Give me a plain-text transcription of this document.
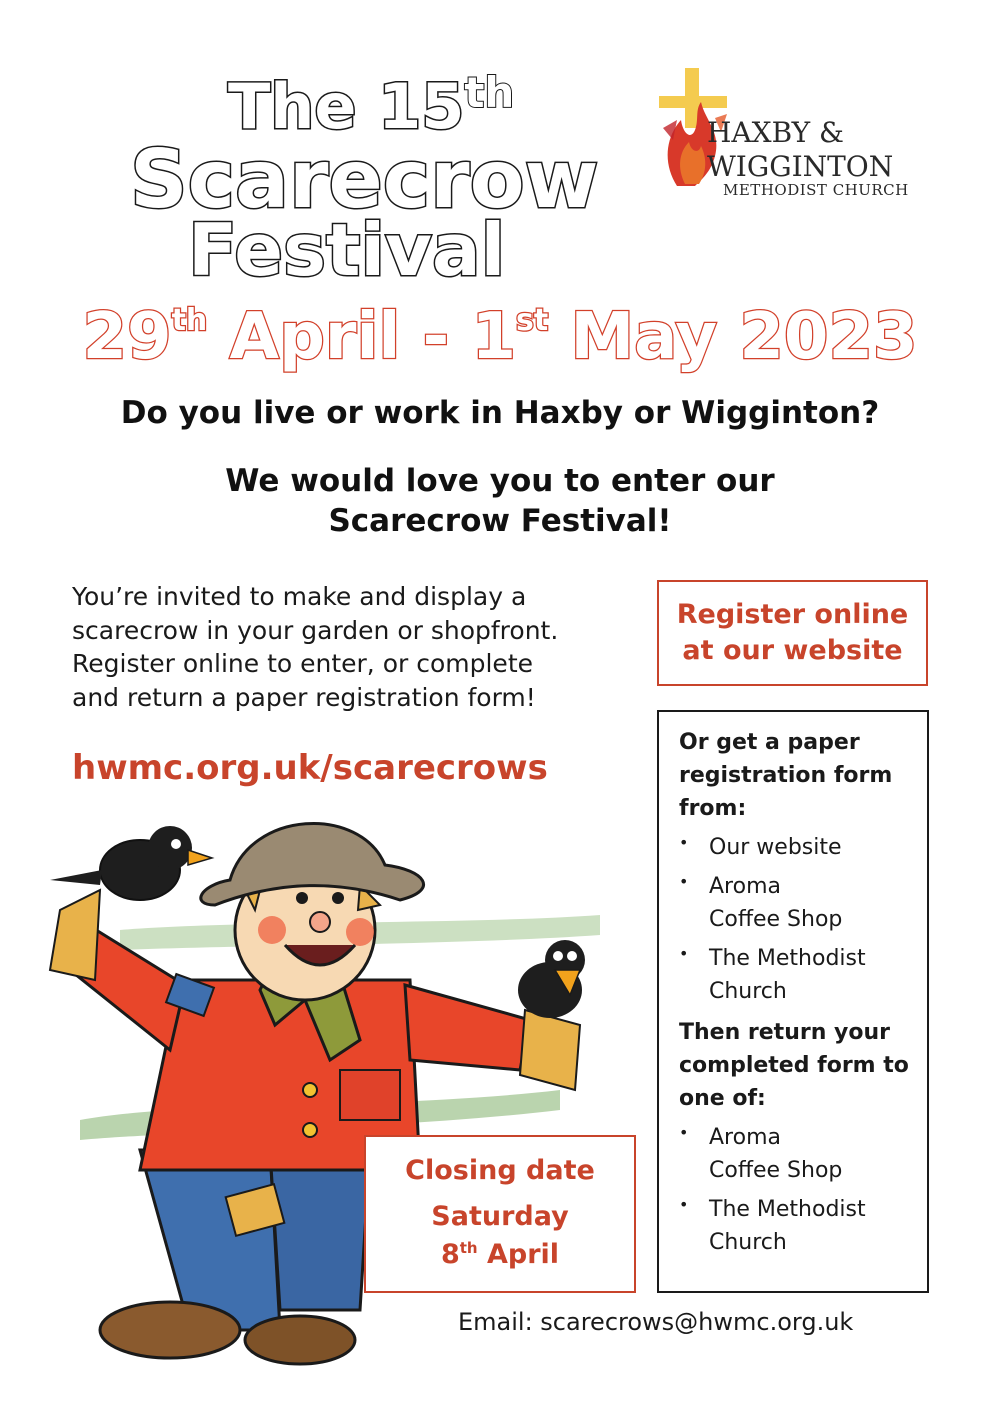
The 15th
Scarecrow
Festival
HAXBY &
WIGGINTON
METHODIST CHURCH
29th April - 1st May 2023
Do you live or work in Haxby or Wigginton?
We would love you to enter our
Scarecrow Festival!
You’re invited to make and display a
scarecrow in your garden or shopfront.
Register online to enter, or complete
and return a paper registration form!
hwmc.org.uk/scarecrows
Register online
at our website
Or get a paper registration form from:
• Our website
• Aroma
Coffee Shop
• The Methodist
Church
Then return your completed form to one of:
• Aroma
Coffee Shop
• The Methodist
Church
Closing date
Saturday
8th April
Email: scarecrows@hwmc.org.uk
